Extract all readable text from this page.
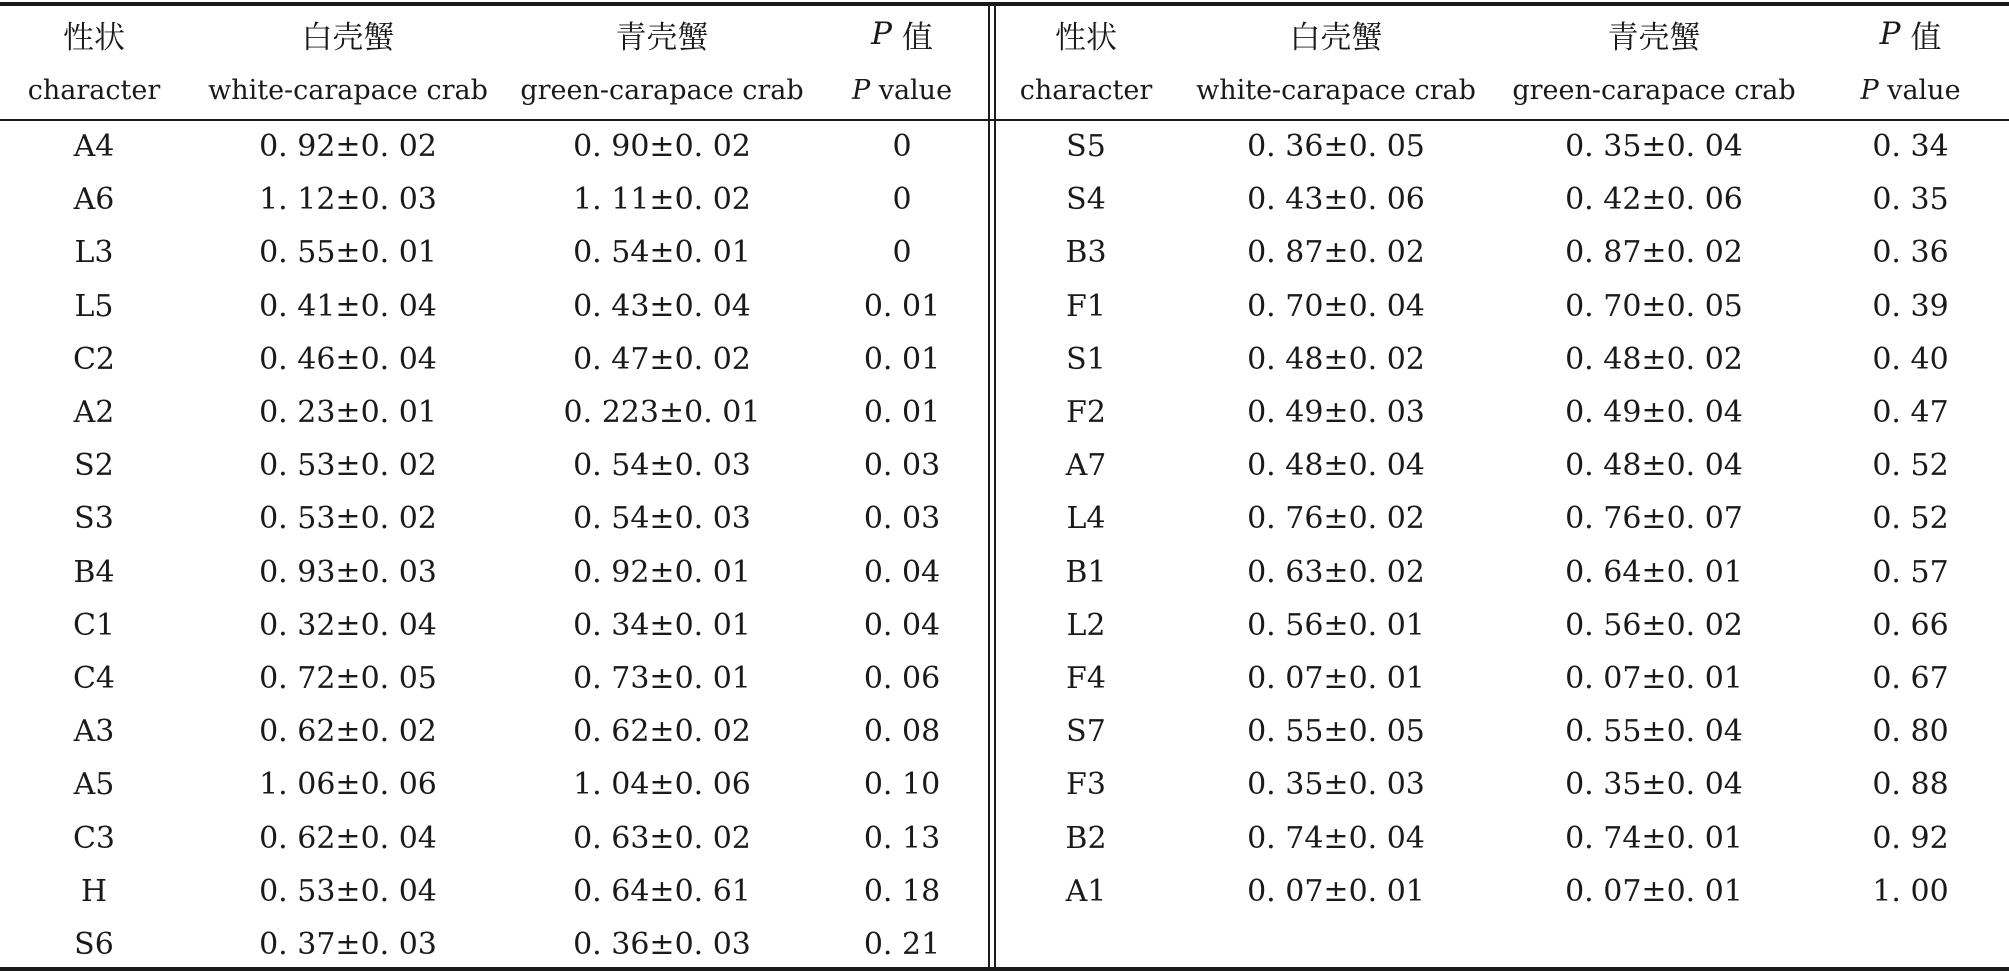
性状	白壳蟹	青壳蟹	P 值
character	white-carapace crab	green-carapace crab	P value
A4	0. 92±0. 02	0. 90±0. 02	0
A6	1. 12±0. 03	1. 11±0. 02	0
L3	0. 55±0. 01	0. 54±0. 01	0
L5	0. 41±0. 04	0. 43±0. 04	0. 01
C2	0. 46±0. 04	0. 47±0. 02	0. 01
A2	0. 23±0. 01	0. 223±0. 01	0. 01
S2	0. 53±0. 02	0. 54±0. 03	0. 03
S3	0. 53±0. 02	0. 54±0. 03	0. 03
B4	0. 93±0. 03	0. 92±0. 01	0. 04
C1	0. 32±0. 04	0. 34±0. 01	0. 04
C4	0. 72±0. 05	0. 73±0. 01	0. 06
A3	0. 62±0. 02	0. 62±0. 02	0. 08
A5	1. 06±0. 06	1. 04±0. 06	0. 10
C3	0. 62±0. 04	0. 63±0. 02	0. 13
H	0. 53±0. 04	0. 64±0. 61	0. 18
S6	0. 37±0. 03	0. 36±0. 03	0. 21
性状	白壳蟹	青壳蟹	P 值
character	white-carapace crab	green-carapace crab	P value
S5	0. 36±0. 05	0. 35±0. 04	0. 34
S4	0. 43±0. 06	0. 42±0. 06	0. 35
B3	0. 87±0. 02	0. 87±0. 02	0. 36
F1	0. 70±0. 04	0. 70±0. 05	0. 39
S1	0. 48±0. 02	0. 48±0. 02	0. 40
F2	0. 49±0. 03	0. 49±0. 04	0. 47
A7	0. 48±0. 04	0. 48±0. 04	0. 52
L4	0. 76±0. 02	0. 76±0. 07	0. 52
B1	0. 63±0. 02	0. 64±0. 01	0. 57
L2	0. 56±0. 01	0. 56±0. 02	0. 66
F4	0. 07±0. 01	0. 07±0. 01	0. 67
S7	0. 55±0. 05	0. 55±0. 04	0. 80
F3	0. 35±0. 03	0. 35±0. 04	0. 88
B2	0. 74±0. 04	0. 74±0. 01	0. 92
A1	0. 07±0. 01	0. 07±0. 01	1. 00
